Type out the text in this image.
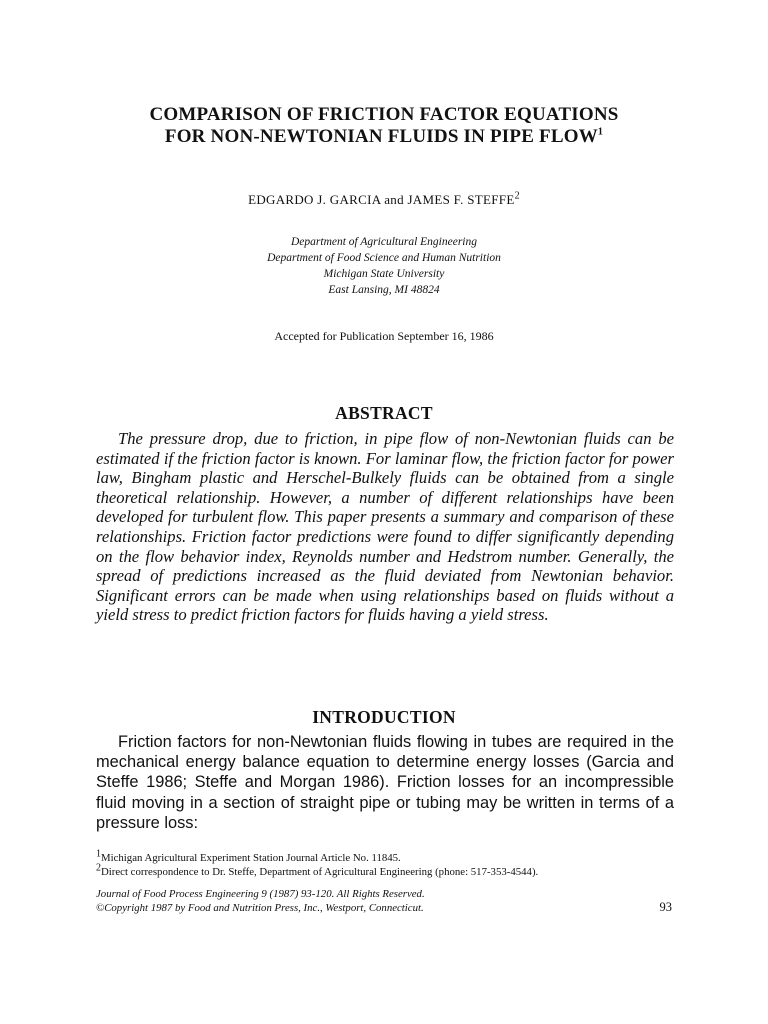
COMPARISON OF FRICTION FACTOR EQUATIONS
FOR NON-NEWTONIAN FLUIDS IN PIPE FLOW$^1$
EDGARDO J. GARCIA and JAMES F. STEFFE$^2$
Department of Agricultural Engineering
Department of Food Science and Human Nutrition
Michigan State University
East Lansing, MI 48824
Accepted for Publication September 16, 1986
ABSTRACT

The pressure drop, due to friction, in pipe flow of non-Newtonian fluids can be estimated if the friction factor is known. For laminar flow, the friction factor for power law, Bingham plastic and Herschel-Bulkely fluids can be obtained from a single theoretical relationship. However, a number of different relationships have been developed for turbulent flow. This paper presents a summary and comparison of these relationships. Friction factor predictions were found to differ significantly depending on the flow behavior index, Reynolds number and Hedstrom number. Generally, the spread of predictions increased as the fluid deviated from Newtonian behavior. Significant errors can be made when using relationships based on fluids without a yield stress to predict friction factors for fluids having a yield stress.

INTRODUCTION

Friction factors for non-Newtonian fluids flowing in tubes are required in the mechanical energy balance equation to determine energy losses (Garcia and Steffe 1986; Steffe and Morgan 1986). Friction losses for an incompressible fluid moving in a section of straight pipe or tubing may be written in terms of a pressure loss:

1Michigan Agricultural Experiment Station Journal Article No. 11845.
2Direct correspondence to Dr. Steffe, Department of Agricultural Engineering (phone: 517-353-4544).
Journal of Food Process Engineering 9 (1987) 93-120. All Rights Reserved.
©Copyright 1987 by Food and Nutrition Press, Inc., Westport, Connecticut.	93
